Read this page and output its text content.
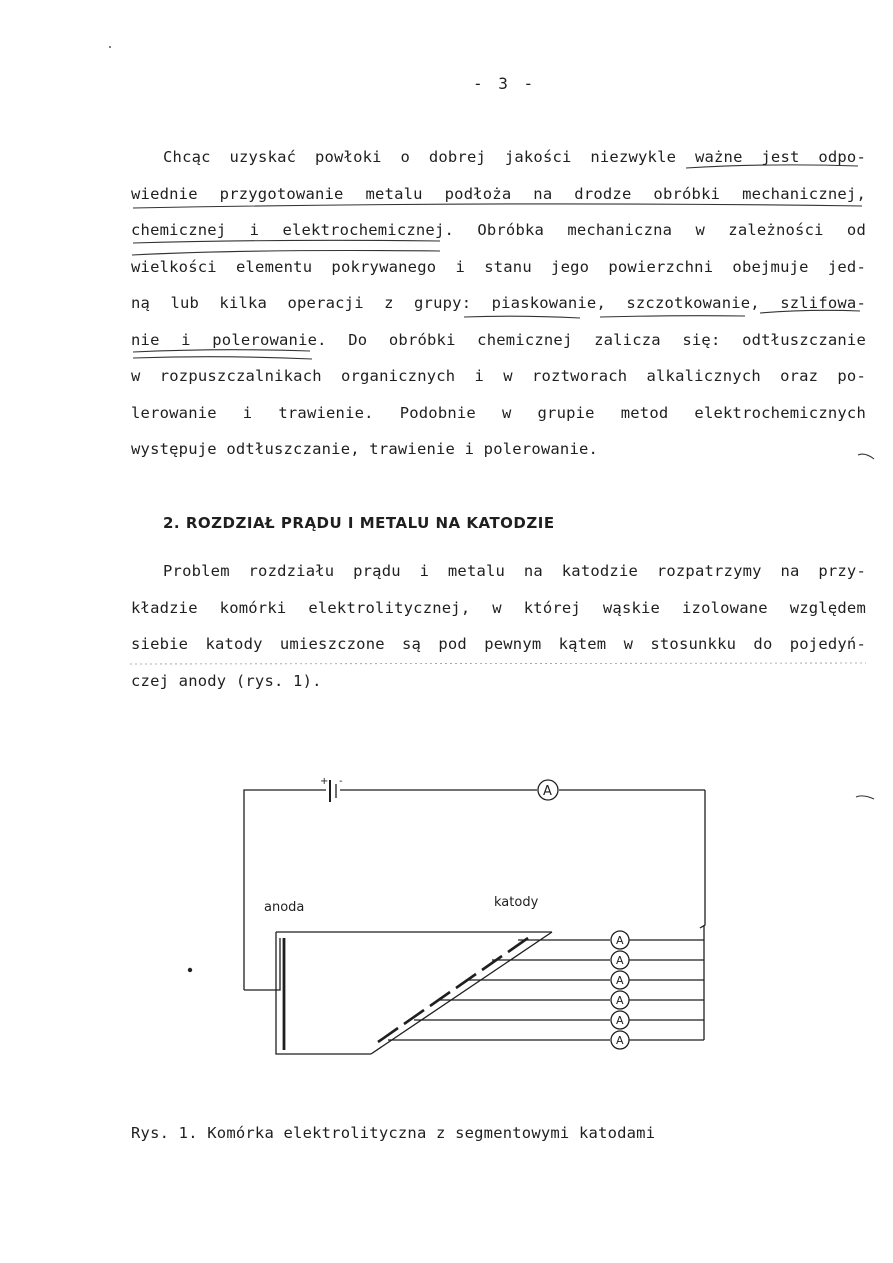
- 3 -
Chcąc uzyskać powłoki o dobrej jakości niezwykle ważne jest odpo-
wiednie przygotowanie metalu podłoża na drodze obróbki mechanicznej,
chemicznej i elektrochemicznej. Obróbka mechaniczna w zależności od
wielkości elementu pokrywanego i stanu jego powierzchni obejmuje jed-
ną lub kilka operacji z grupy: piaskowanie, szczotkowanie, szlifowa-
nie i polerowanie. Do obróbki chemicznej zalicza się: odtłuszczanie
w rozpuszczalnikach organicznych i w roztworach alkalicznych oraz po-
lerowanie i trawienie. Podobnie w grupie metod elektrochemicznych
występuje odtłuszczanie, trawienie i polerowanie.
2. ROZDZIAŁ PRĄDU I METALU NA KATODZIE
Problem rozdziału prądu i metalu na katodzie rozpatrzymy na przy-
kładzie komórki elektrolitycznej, w której wąskie izolowane względem
siebie katody umieszczone są pod pewnym kątem w stosunkku do pojedyń-
czej anody (rys. 1).
+ -
A
A
A
A
A
A
A
anoda	katody
Rys. 1. Komórka elektrolityczna z segmentowymi katodami
